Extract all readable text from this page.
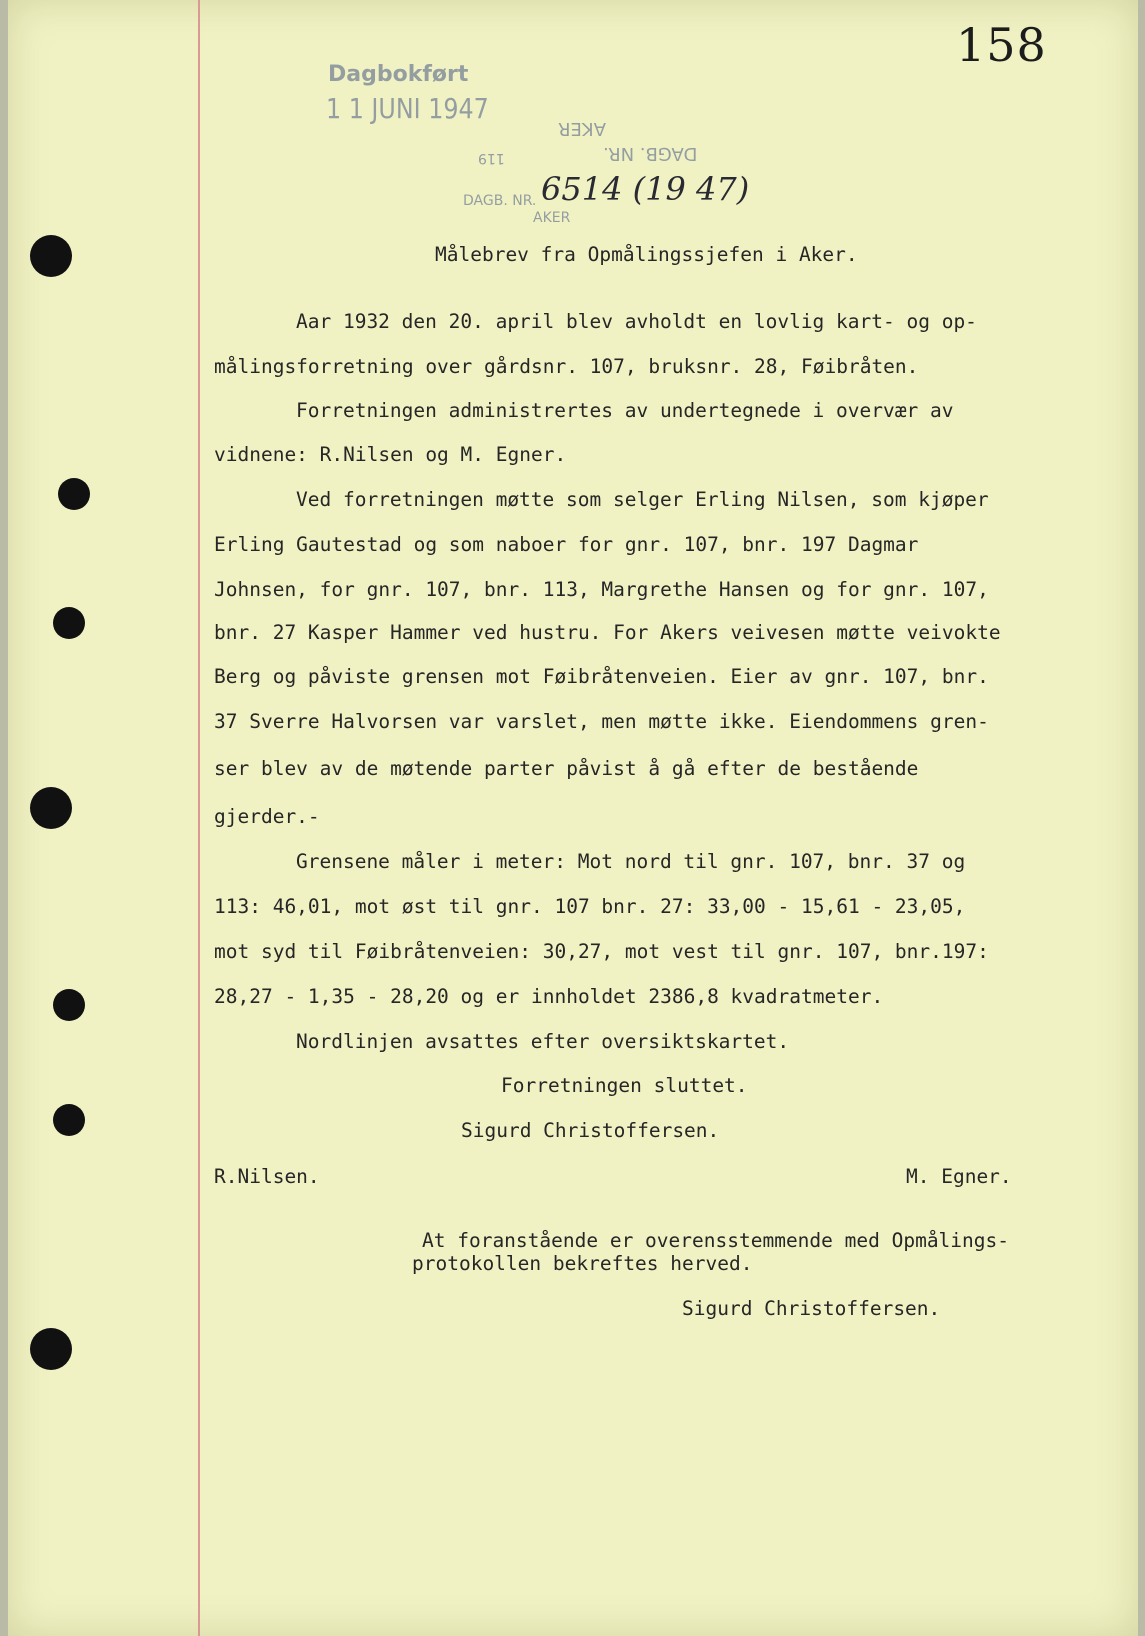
158
Dagbokført
1 1 JUNI 1947
AKER
DAGB. NR.
119
DAGB. NR.
AKER
6514 (19 47)
Målebrev fra Opmålingssjefen i Aker.
Aar 1932 den 20. april blev avholdt en lovlig kart- og op-
målingsforretning over gårdsnr. 107, bruksnr. 28, Føibråten.
Forretningen administrertes av undertegnede i overvær av
vidnene: R.Nilsen og M. Egner.
Ved forretningen møtte som selger Erling Nilsen, som kjøper
Erling Gautestad og som naboer for gnr. 107, bnr. 197 Dagmar
Johnsen, for gnr. 107, bnr. 113, Margrethe Hansen og for gnr. 107,
bnr. 27 Kasper Hammer ved hustru. For Akers veivesen møtte veivokte
Berg og påviste grensen mot Føibråtenveien. Eier av gnr. 107, bnr.
37 Sverre Halvorsen var varslet, men møtte ikke. Eiendommens gren-
ser blev av de møtende parter påvist å gå efter de bestående
gjerder.-
Grensene måler i meter: Mot nord til gnr. 107, bnr. 37 og
113: 46,01, mot øst til gnr. 107 bnr. 27: 33,00 - 15,61 - 23,05,
mot syd til Føibråtenveien: 30,27, mot vest til gnr. 107, bnr.197:
28,27 - 1,35 - 28,20 og er innholdet 2386,8 kvadratmeter.
Nordlinjen avsattes efter oversiktskartet.
Forretningen sluttet.
Sigurd Christoffersen.
R.Nilsen.	M. Egner.
At foranstående er overensstemmende med Opmålings-
protokollen bekreftes herved.
Sigurd Christoffersen.
